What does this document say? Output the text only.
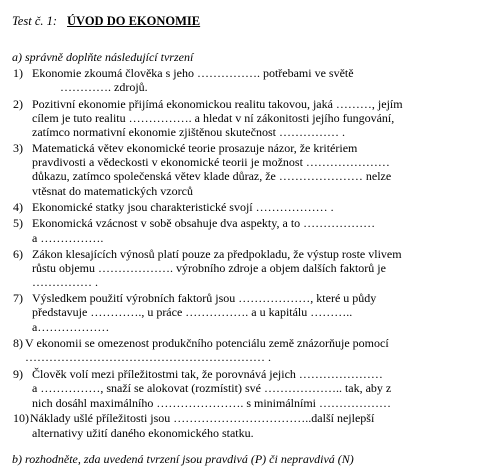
Test č. 1: ÚVOD DO EKONOMIE
a) správně doplňte následující tvrzení
1) Ekonomie zkoumá člověka s jeho ……………. potřebami ve světě
…………. zdrojů.
2) Pozitivní ekonomie přijímá ekonomickou realitu takovou, jaká ………, jejím
cílem je tuto realitu ……………. a hledat v ní zákonitosti jejího fungování,
zatímco normativní ekonomie zjištěnou skutečnost …………… .
3) Matematická větev ekonomické teorie prosazuje názor, že kritériem
pravdivosti a vědeckosti v ekonomické teorii je možnost …………………
důkazu, zatímco společenská větev klade důraz, že ………………… nelze
vtěsnat do matematických vzorců
4) Ekonomické statky jsou charakteristické svojí ……………… .
5) Ekonomická vzácnost v sobě obsahuje dva aspekty, a to ………………
a …………….
6) Zákon klesajících výnosů platí pouze za předpokladu, že výstup roste vlivem
růstu objemu ………………. výrobního zdroje a objem dalších faktorů je
…………… .
7) Výsledkem použití výrobních faktorů jsou ………………, které u půdy
představuje …………., u práce ……………. a u kapitálu ………..
a………………
8) V ekonomii se omezenost produkčního potenciálu země znázorňuje pomocí
…………………………………………………… .
9) Člověk volí mezi příležitostmi tak, že porovnává jejich …………………
a ……………, snaží se alokovat (rozmístit) své ……………….. tak, aby z
nich dosáhl maximálního …………………. s minimálními ………………
10) Náklady ušlé příležitosti jsou ……………………………..další nejlepší
alternativy užití daného ekonomického statku.
b) rozhodněte, zda uvedená tvrzení jsou pravdivá (P) či nepravdivá (N)
